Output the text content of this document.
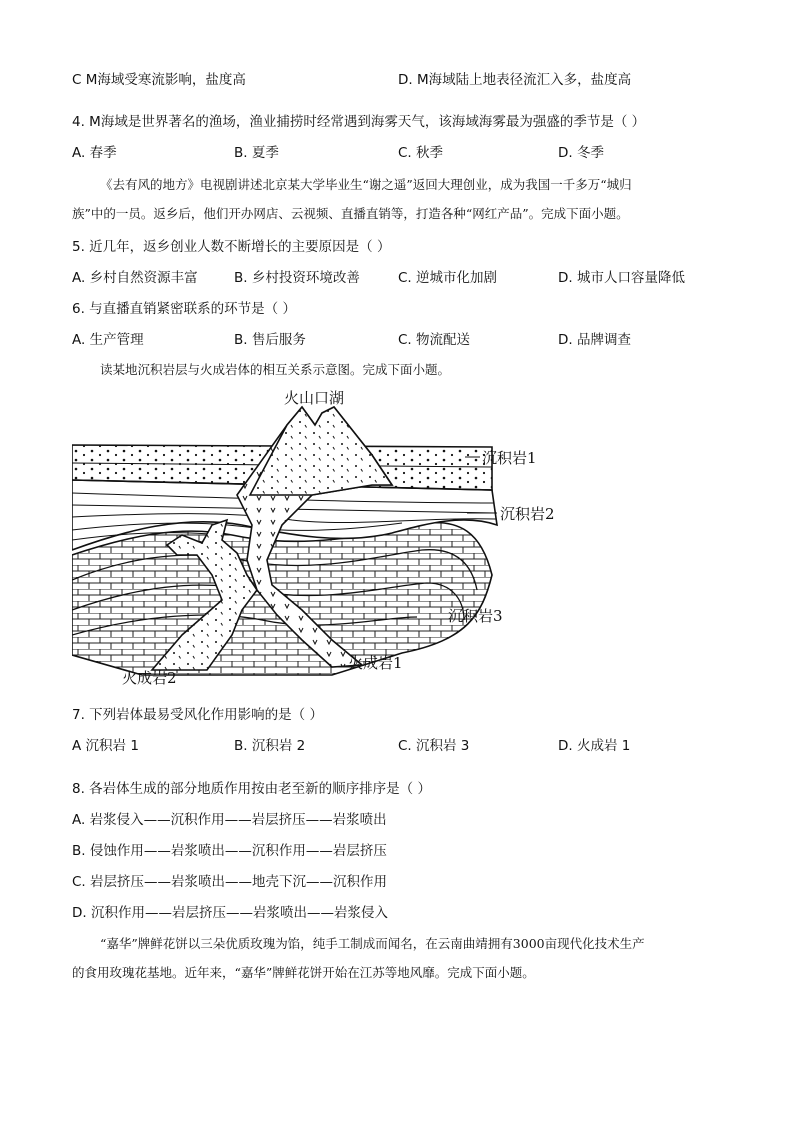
C M海域受寒流影响，盐度高	D. M海域陆上地表径流汇入多，盐度高
4. M海域是世界著名的渔场，渔业捕捞时经常遇到海雾天气，该海域海雾最为强盛的季节是（ ）
A. 春季	B. 夏季	C. 秋季	D. 冬季
《去有风的地方》电视剧讲述北京某大学毕业生“谢之遥”返回大理创业，成为我国一千多万“城归
族”中的一员。返乡后，他们开办网店、云视频、直播直销等，打造各种“网红产品”。完成下面小题。
5. 近几年，返乡创业人数不断增长的主要原因是（ ）
A. 乡村自然资源丰富	B. 乡村投资环境改善	C. 逆城市化加剧	D. 城市人口容量降低
6. 与直播直销紧密联系的环节是（ ）
A. 生产管理	B. 售后服务	C. 物流配送	D. 品牌调查
读某地沉积岩层与火成岩体的相互关系示意图。完成下面小题。
火山口湖
沉积岩1
沉积岩2
沉积岩3
火成岩1
火成岩2
7. 下列岩体最易受风化作用影响的是（ ）
A 沉积岩 1	B. 沉积岩 2	C. 沉积岩 3	D. 火成岩 1
8. 各岩体生成的部分地质作用按由老至新的顺序排序是（ ）
A. 岩浆侵入——沉积作用——岩层挤压——岩浆喷出
B. 侵蚀作用——岩浆喷出——沉积作用——岩层挤压
C. 岩层挤压——岩浆喷出——地壳下沉——沉积作用
D. 沉积作用——岩层挤压——岩浆喷出——岩浆侵入
“嘉华”牌鲜花饼以三朵优质玫瑰为馅，纯手工制成而闻名，在云南曲靖拥有3000亩现代化技术生产
的食用玫瑰花基地。近年来，“嘉华”牌鲜花饼开始在江苏等地风靡。完成下面小题。
